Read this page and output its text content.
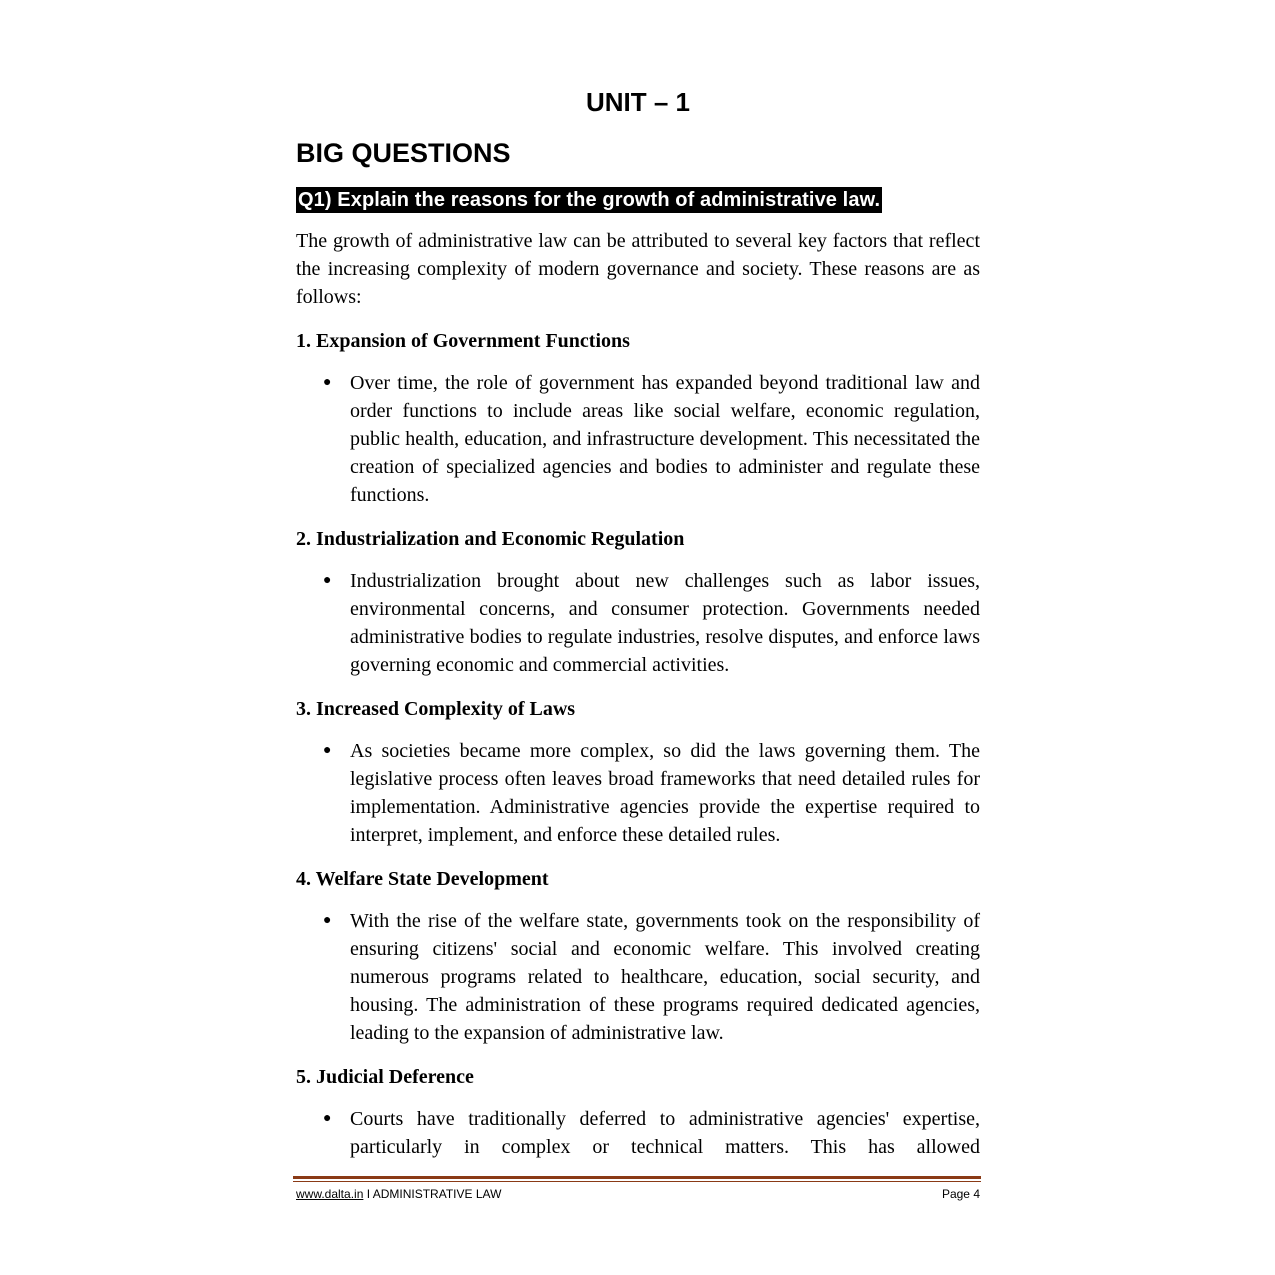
UNIT – 1
BIG QUESTIONS
Q1) Explain the reasons for the growth of administrative law.

The growth of administrative law can be attributed to several key factors that reflect the increasing complexity of modern governance and society. These reasons are as follows:

1. Expansion of Government Functions
● Over time, the role of government has expanded beyond traditional law and order functions to include areas like social welfare, economic regulation, public health, education, and infrastructure development. This necessitated the creation of specialized agencies and bodies to administer and regulate these functions.
2. Industrialization and Economic Regulation
● Industrialization brought about new challenges such as labor issues, environmental concerns, and consumer protection. Governments needed administrative bodies to regulate industries, resolve disputes, and enforce laws governing economic and commercial activities.
3. Increased Complexity of Laws
● As societies became more complex, so did the laws governing them. The legislative process often leaves broad frameworks that need detailed rules for implementation. Administrative agencies provide the expertise required to interpret, implement, and enforce these detailed rules.
4. Welfare State Development
● With the rise of the welfare state, governments took on the responsibility of ensuring citizens' social and economic welfare. This involved creating numerous programs related to healthcare, education, social security, and housing. The administration of these programs required dedicated agencies, leading to the expansion of administrative law.
5. Judicial Deference
● Courts have traditionally deferred to administrative agencies' expertise, particularly in complex or technical matters. This has allowed
www.dalta.in I ADMINISTRATIVE LAW	Page 4
